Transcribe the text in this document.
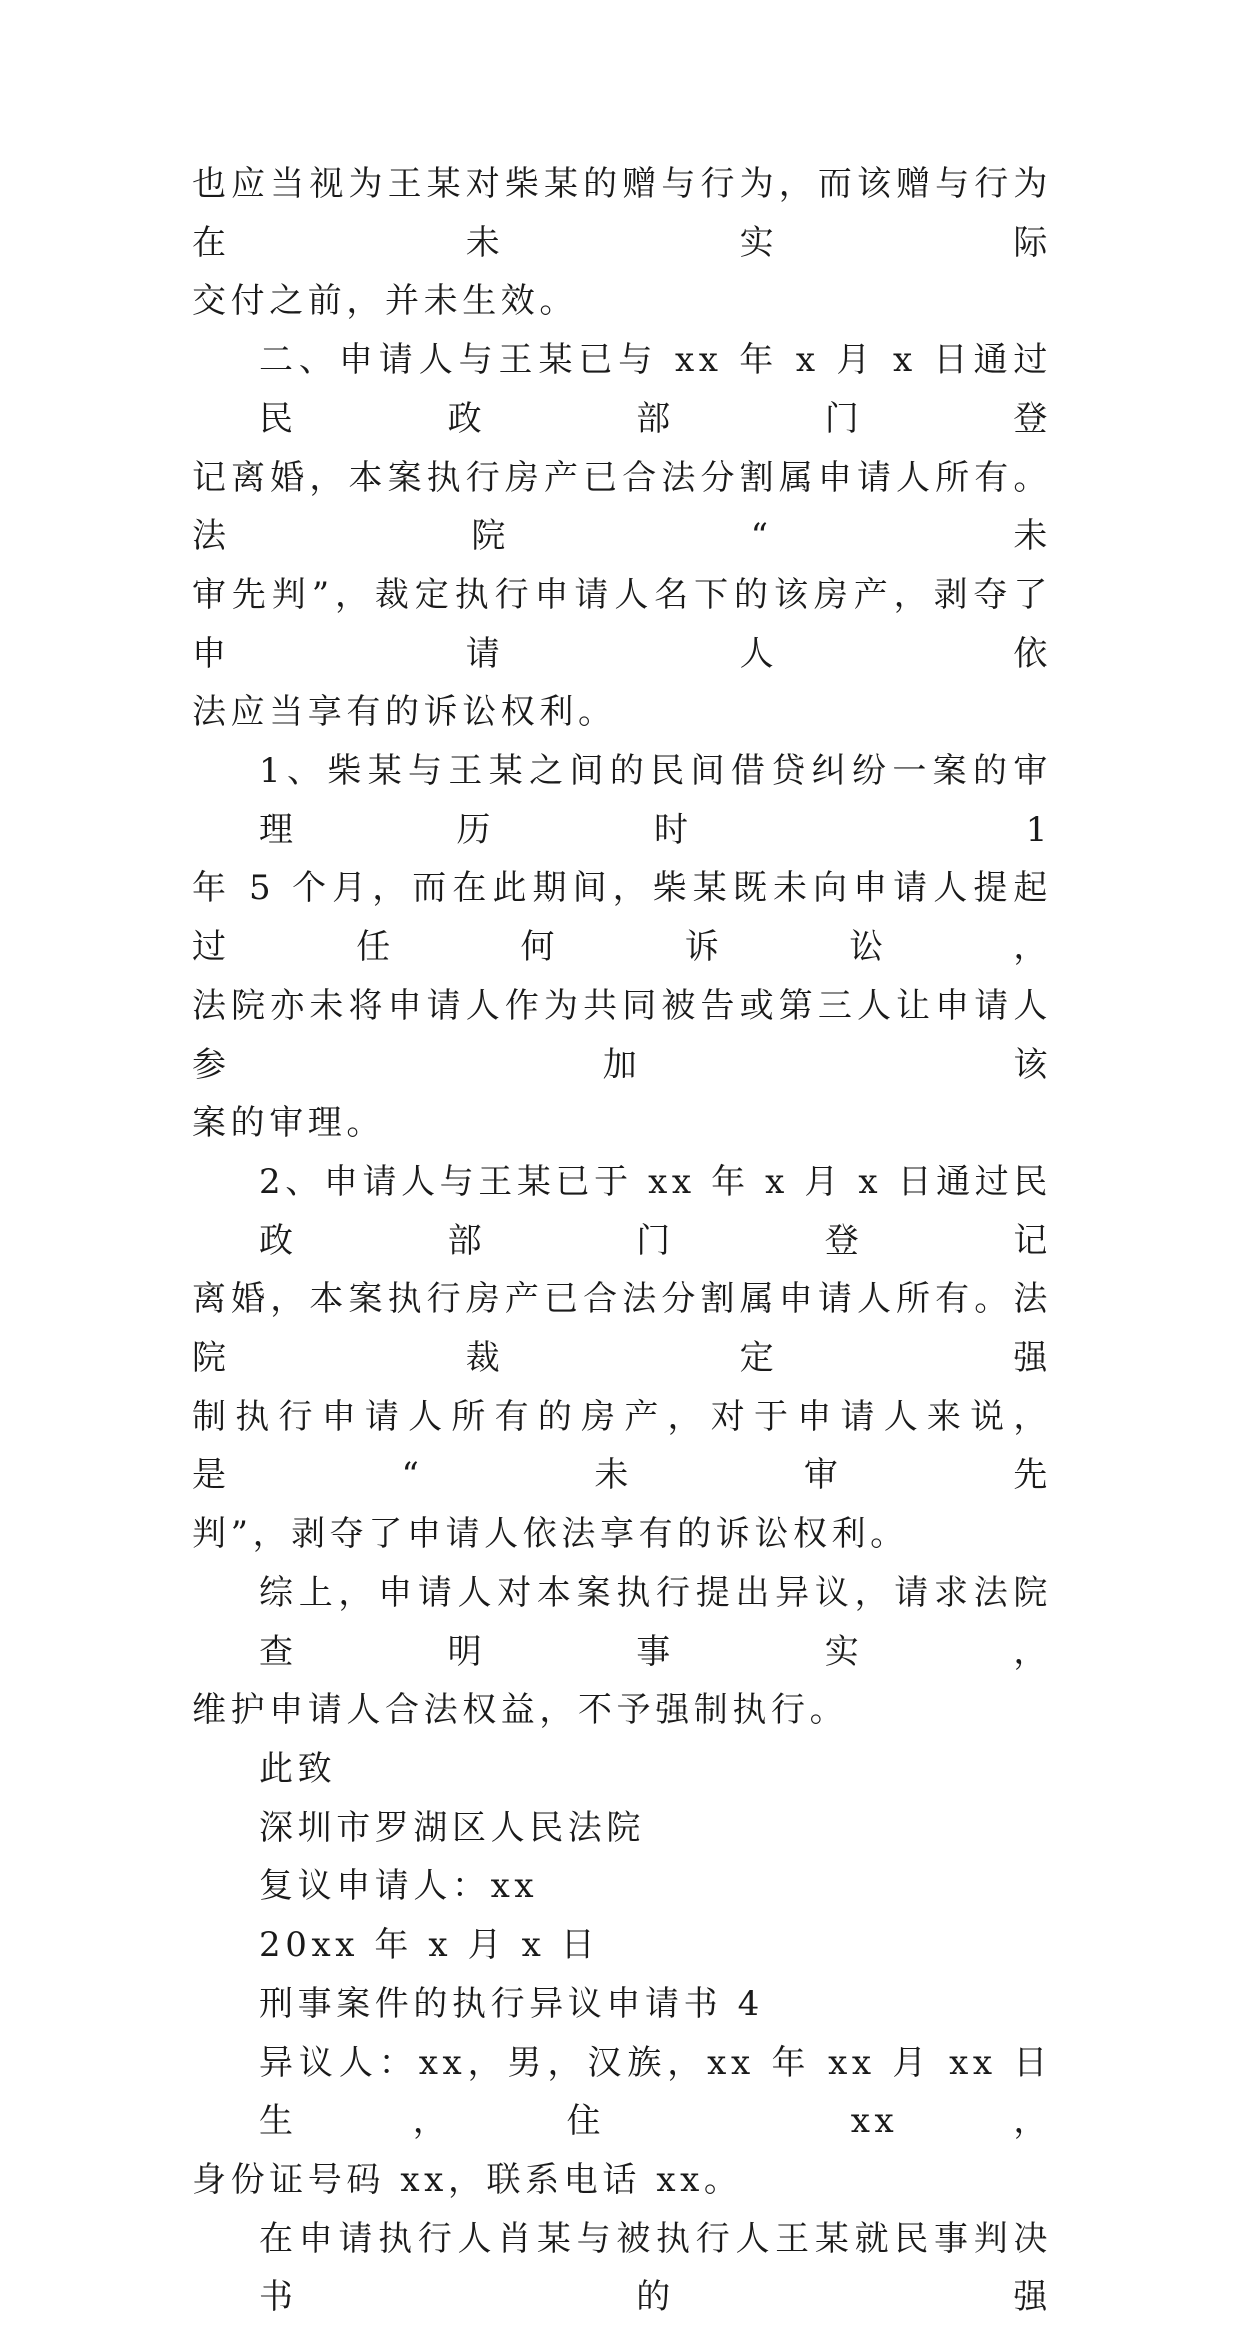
也应当视为王某对柴某的赠与行为，而该赠与行为在未实际
交付之前，并未生效。
二、申请人与王某已与 xx 年 x 月 x 日通过民政部门登
记离婚，本案执行房产已合法分割属申请人所有。法院“未
审先判”，裁定执行申请人名下的该房产，剥夺了申请人依
法应当享有的诉讼权利。
1、柴某与王某之间的民间借贷纠纷一案的审理历时 1
年 5 个月，而在此期间，柴某既未向申请人提起过任何诉讼，
法院亦未将申请人作为共同被告或第三人让申请人参加该
案的审理。
2、申请人与王某已于 xx 年 x 月 x 日通过民政部门登记
离婚，本案执行房产已合法分割属申请人所有。法院裁定强
制执行申请人所有的房产，对于申请人来说，是“未审先
判”，剥夺了申请人依法享有的诉讼权利。
综上，申请人对本案执行提出异议，请求法院查明事实，
维护申请人合法权益，不予强制执行。
此致
深圳市罗湖区人民法院
复议申请人：xx
20xx 年 x 月 x 日
刑事案件的执行异议申请书 4
异议人：xx，男，汉族，xx 年 xx 月 xx 日生，住 xx，
身份证号码 xx，联系电话 xx。
在申请执行人肖某与被执行人王某就民事判决书的强
